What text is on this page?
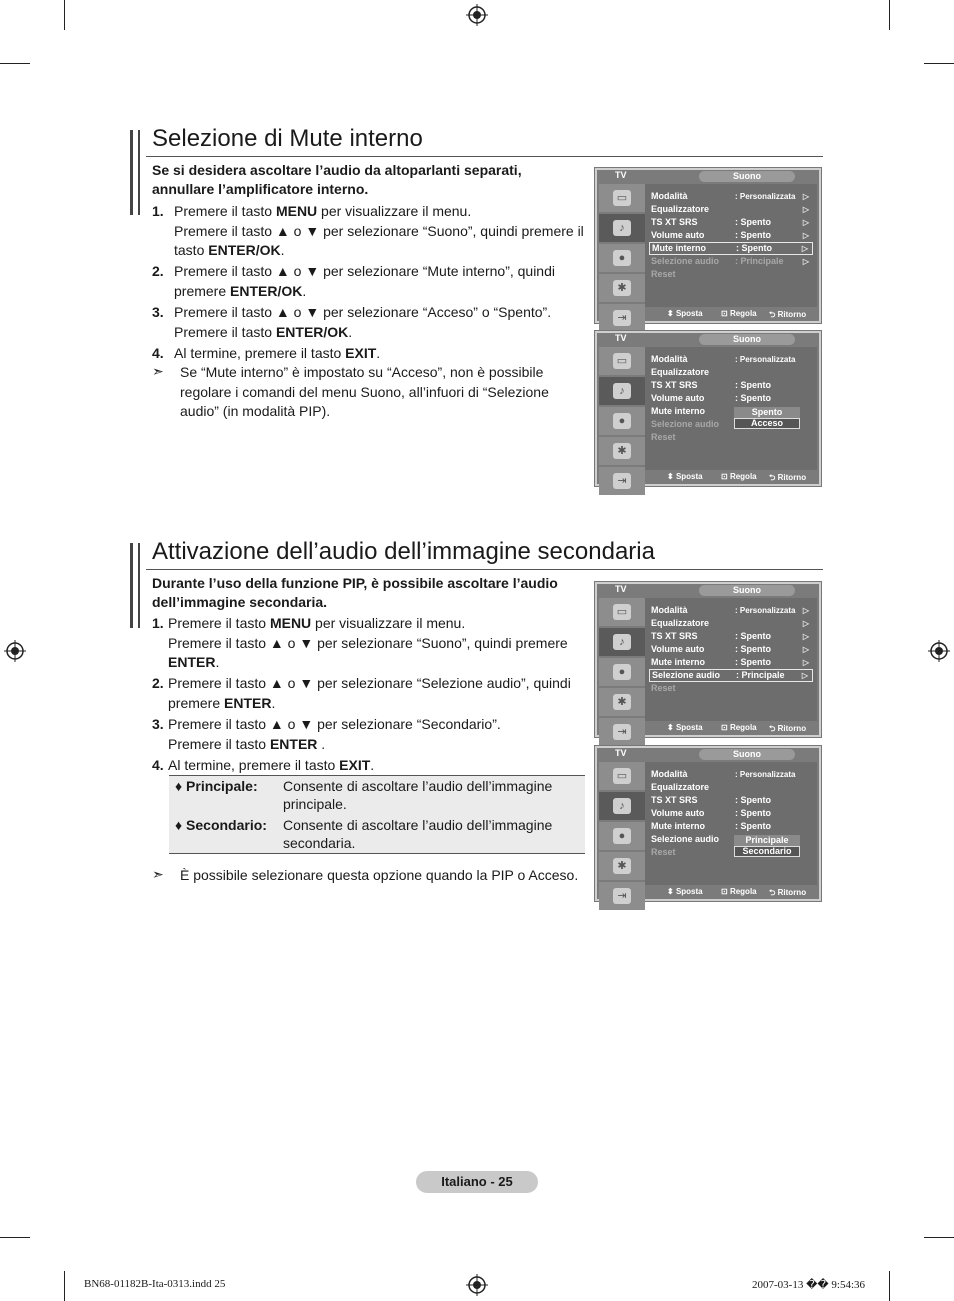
Selezione di Mute interno
Se si desidera ascoltare l’audio da altoparlanti separati, annullare l’amplificatore interno.
1. Premere il tasto MENU per visualizzare il menu.
Premere il tasto ▲ o ▼ per selezionare “Suono”, quindi premere il tasto ENTER/OK.
2. Premere il tasto ▲ o ▼ per selezionare “Mute interno”, quindi premere ENTER/OK.
3. Premere il tasto ▲ o ▼ per selezionare “Acceso” o “Spento”.
Premere il tasto ENTER/OK.
4. Al termine, premere il tasto EXIT.
➣ Se “Mute interno” è impostato su “Acceso”, non è possibile regolare i comandi del menu Suono, all’infuori di “Selezione audio” (in modalità PIP).
TV	Suono
▭
♪
●
✱
⇥
Modalità	: Personalizzata ▷
Equalizzatore	▷
TS XT SRS	: Spento	▷
Volume auto	: Spento	▷
Mute interno	: Spento	▷
Selezione audio : Principale ▷
Reset
⬍ Sposta ⊡ Regola ⮌ Ritorno
TV	Suono
▭
♪
●
✱
⇥
Modalità	: Personalizzata
Equalizzatore
TS XT SRS	: Spento
Volume auto	: Spento
Mute interno
Selezione audio
Reset
Spento
Acceso
⬍ Sposta ⊡ Regola ⮌ Ritorno
Attivazione dell’audio dell’immagine secondaria
Durante l’uso della funzione PIP, è possibile ascoltare l’audio dell’immagine secondaria.
1. Premere il tasto MENU per visualizzare il menu.
Premere il tasto ▲ o ▼ per selezionare “Suono”, quindi premere ENTER.
2. Premere il tasto ▲ o ▼ per selezionare “Selezione audio”, quindi premere ENTER.
3. Premere il tasto ▲ o ▼ per selezionare “Secondario”.
Premere il tasto ENTER .
4. Al termine, premere il tasto EXIT.
♦ Principale: Consente di ascoltare l’audio dell’immagine principale.
♦ Secondario: Consente di ascoltare l’audio dell’immagine secondaria.
➣ È possibile selezionare questa opzione quando la PIP o Acceso.
TV	Suono
▭
♪
●
✱
⇥
Modalità	: Personalizzata ▷
Equalizzatore	▷
TS XT SRS	: Spento	▷
Volume auto	: Spento	▷
Mute interno	: Spento	▷
Selezione audio : Principale ▷
Reset
⬍ Sposta ⊡ Regola ⮌ Ritorno
TV	Suono
▭
♪
●
✱
⇥
Modalità	: Personalizzata
Equalizzatore
TS XT SRS	: Spento
Volume auto	: Spento
Mute interno	: Spento
Selezione audio
Reset
Principale
Secondario
⬍ Sposta ⊡ Regola ⮌ Ritorno
Italiano - 25
BN68-01182B-Ita-0313.indd 25	2007-03-13 �� 9:54:36
